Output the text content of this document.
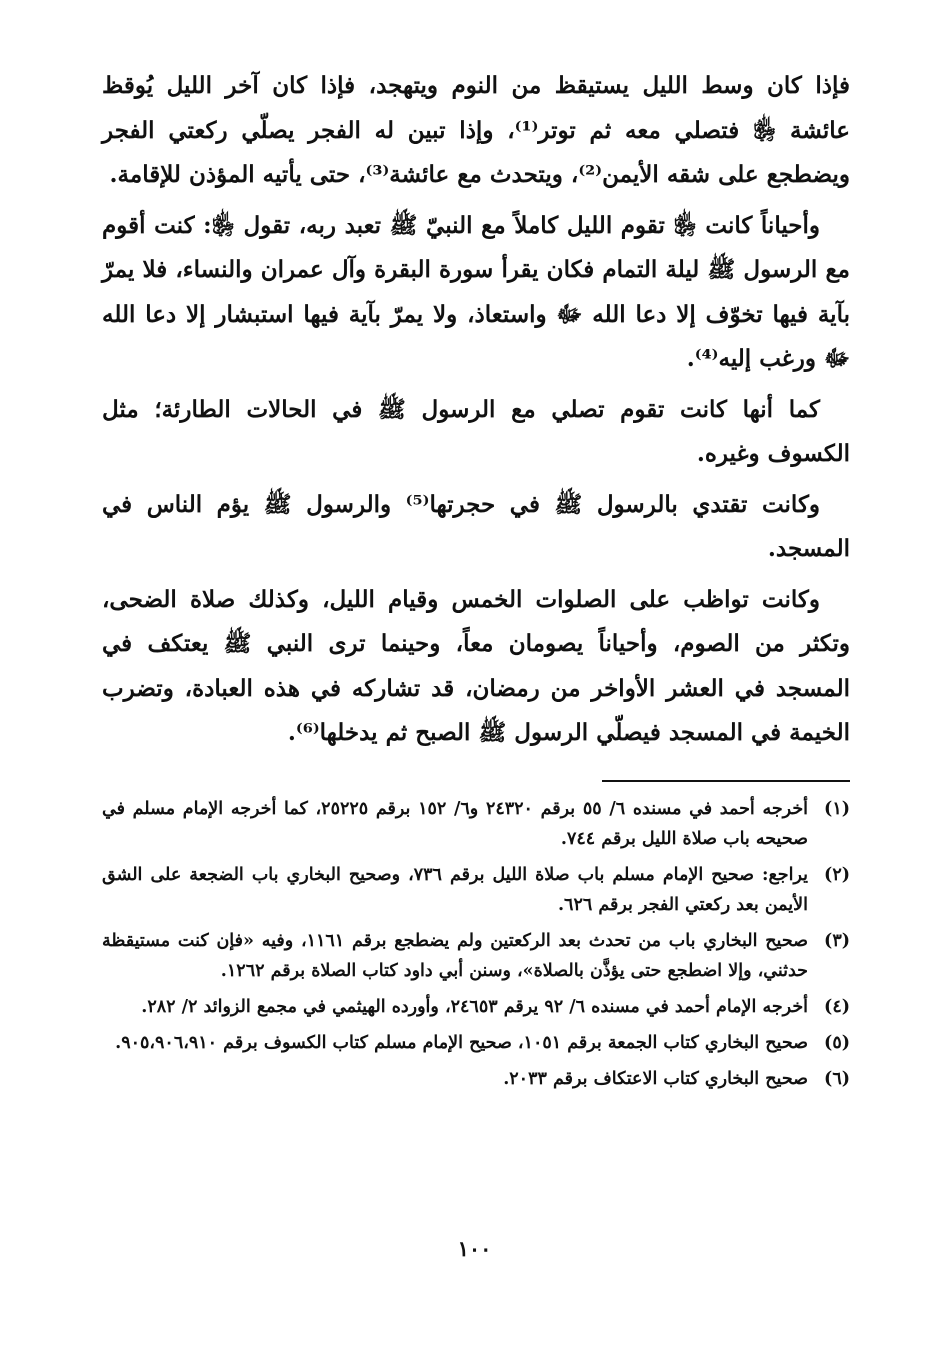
فإذا كان وسط الليل يستيقظ من النوم ويتهجد، فإذا كان آخر الليل يُوقظ عائشة ﵂ فتصلي معه ثم توتر⁽¹⁾، وإذا تبين له الفجر يصلّي ركعتي الفجر ويضطجع على شقه الأيمن⁽²⁾، ويتحدث مع عائشة⁽³⁾، حتى يأتيه المؤذن للإقامة.

وأحياناً كانت ﵂ تقوم الليل كاملاً مع النبيّ ﷺ تعبد ربه، تقول ﵂: كنت أقوم مع الرسول ﷺ ليلة التمام فكان يقرأ سورة البقرة وآل عمران والنساء، فلا يمرّ بآية فيها تخوّف إلا دعا الله ﷻ واستعاذ، ولا يمرّ بآية فيها استبشار إلا دعا الله ﷻ ورغب إليه⁽⁴⁾.

كما أنها كانت تقوم تصلي مع الرسول ﷺ في الحالات الطارئة؛ مثل الكسوف وغيره.

وكانت تقتدي بالرسول ﷺ في حجرتها⁽⁵⁾ والرسول ﷺ يؤم الناس في المسجد.

وكانت تواظب على الصلوات الخمس وقيام الليل، وكذلك صلاة الضحى، وتكثر من الصوم، وأحياناً يصومان معاً، وحينما ترى النبي ﷺ يعتكف في المسجد في العشر الأواخر من رمضان، قد تشاركه في هذه العبادة، وتضرب الخيمة في المسجد فيصلّي الرسول ﷺ الصبح ثم يدخلها⁽⁶⁾.

(١)
أخرجه أحمد في مسنده ٦/ ٥٥ برقم ٢٤٣٢٠ و٦/ ١٥٢ برقم ٢٥٢٢٥، كما أخرجه الإمام مسلم في صحيحه باب صلاة الليل برقم ٧٤٤.
(٢)
يراجع: صحيح الإمام مسلم باب صلاة الليل برقم ٧٣٦، وصحيح البخاري باب الضجعة على الشق الأيمن بعد ركعتي الفجر برقم ٦٢٦.
(٣)
صحيح البخاري باب من تحدث بعد الركعتين ولم يضطجع برقم ١١٦١، وفيه «فإن كنت مستيقظة حدثني، وإلا اضطجع حتى يؤذَّن بالصلاة»، وسنن أبي داود كتاب الصلاة برقم ١٢٦٢.
(٤)
أخرجه الإمام أحمد في مسنده ٦/ ٩٢ يرقم ٢٤٦٥٣، وأورده الهيثمي في مجمع الزوائد ٢/ ٢٨٢.
(٥)
صحيح البخاري كتاب الجمعة برقم ١٠٥١، صحيح الإمام مسلم كتاب الكسوف برقم ٩٠٥،٩٠٦،٩١٠.
(٦)
صحيح البخاري كتاب الاعتكاف برقم ٢٠٣٣.
١٠٠
